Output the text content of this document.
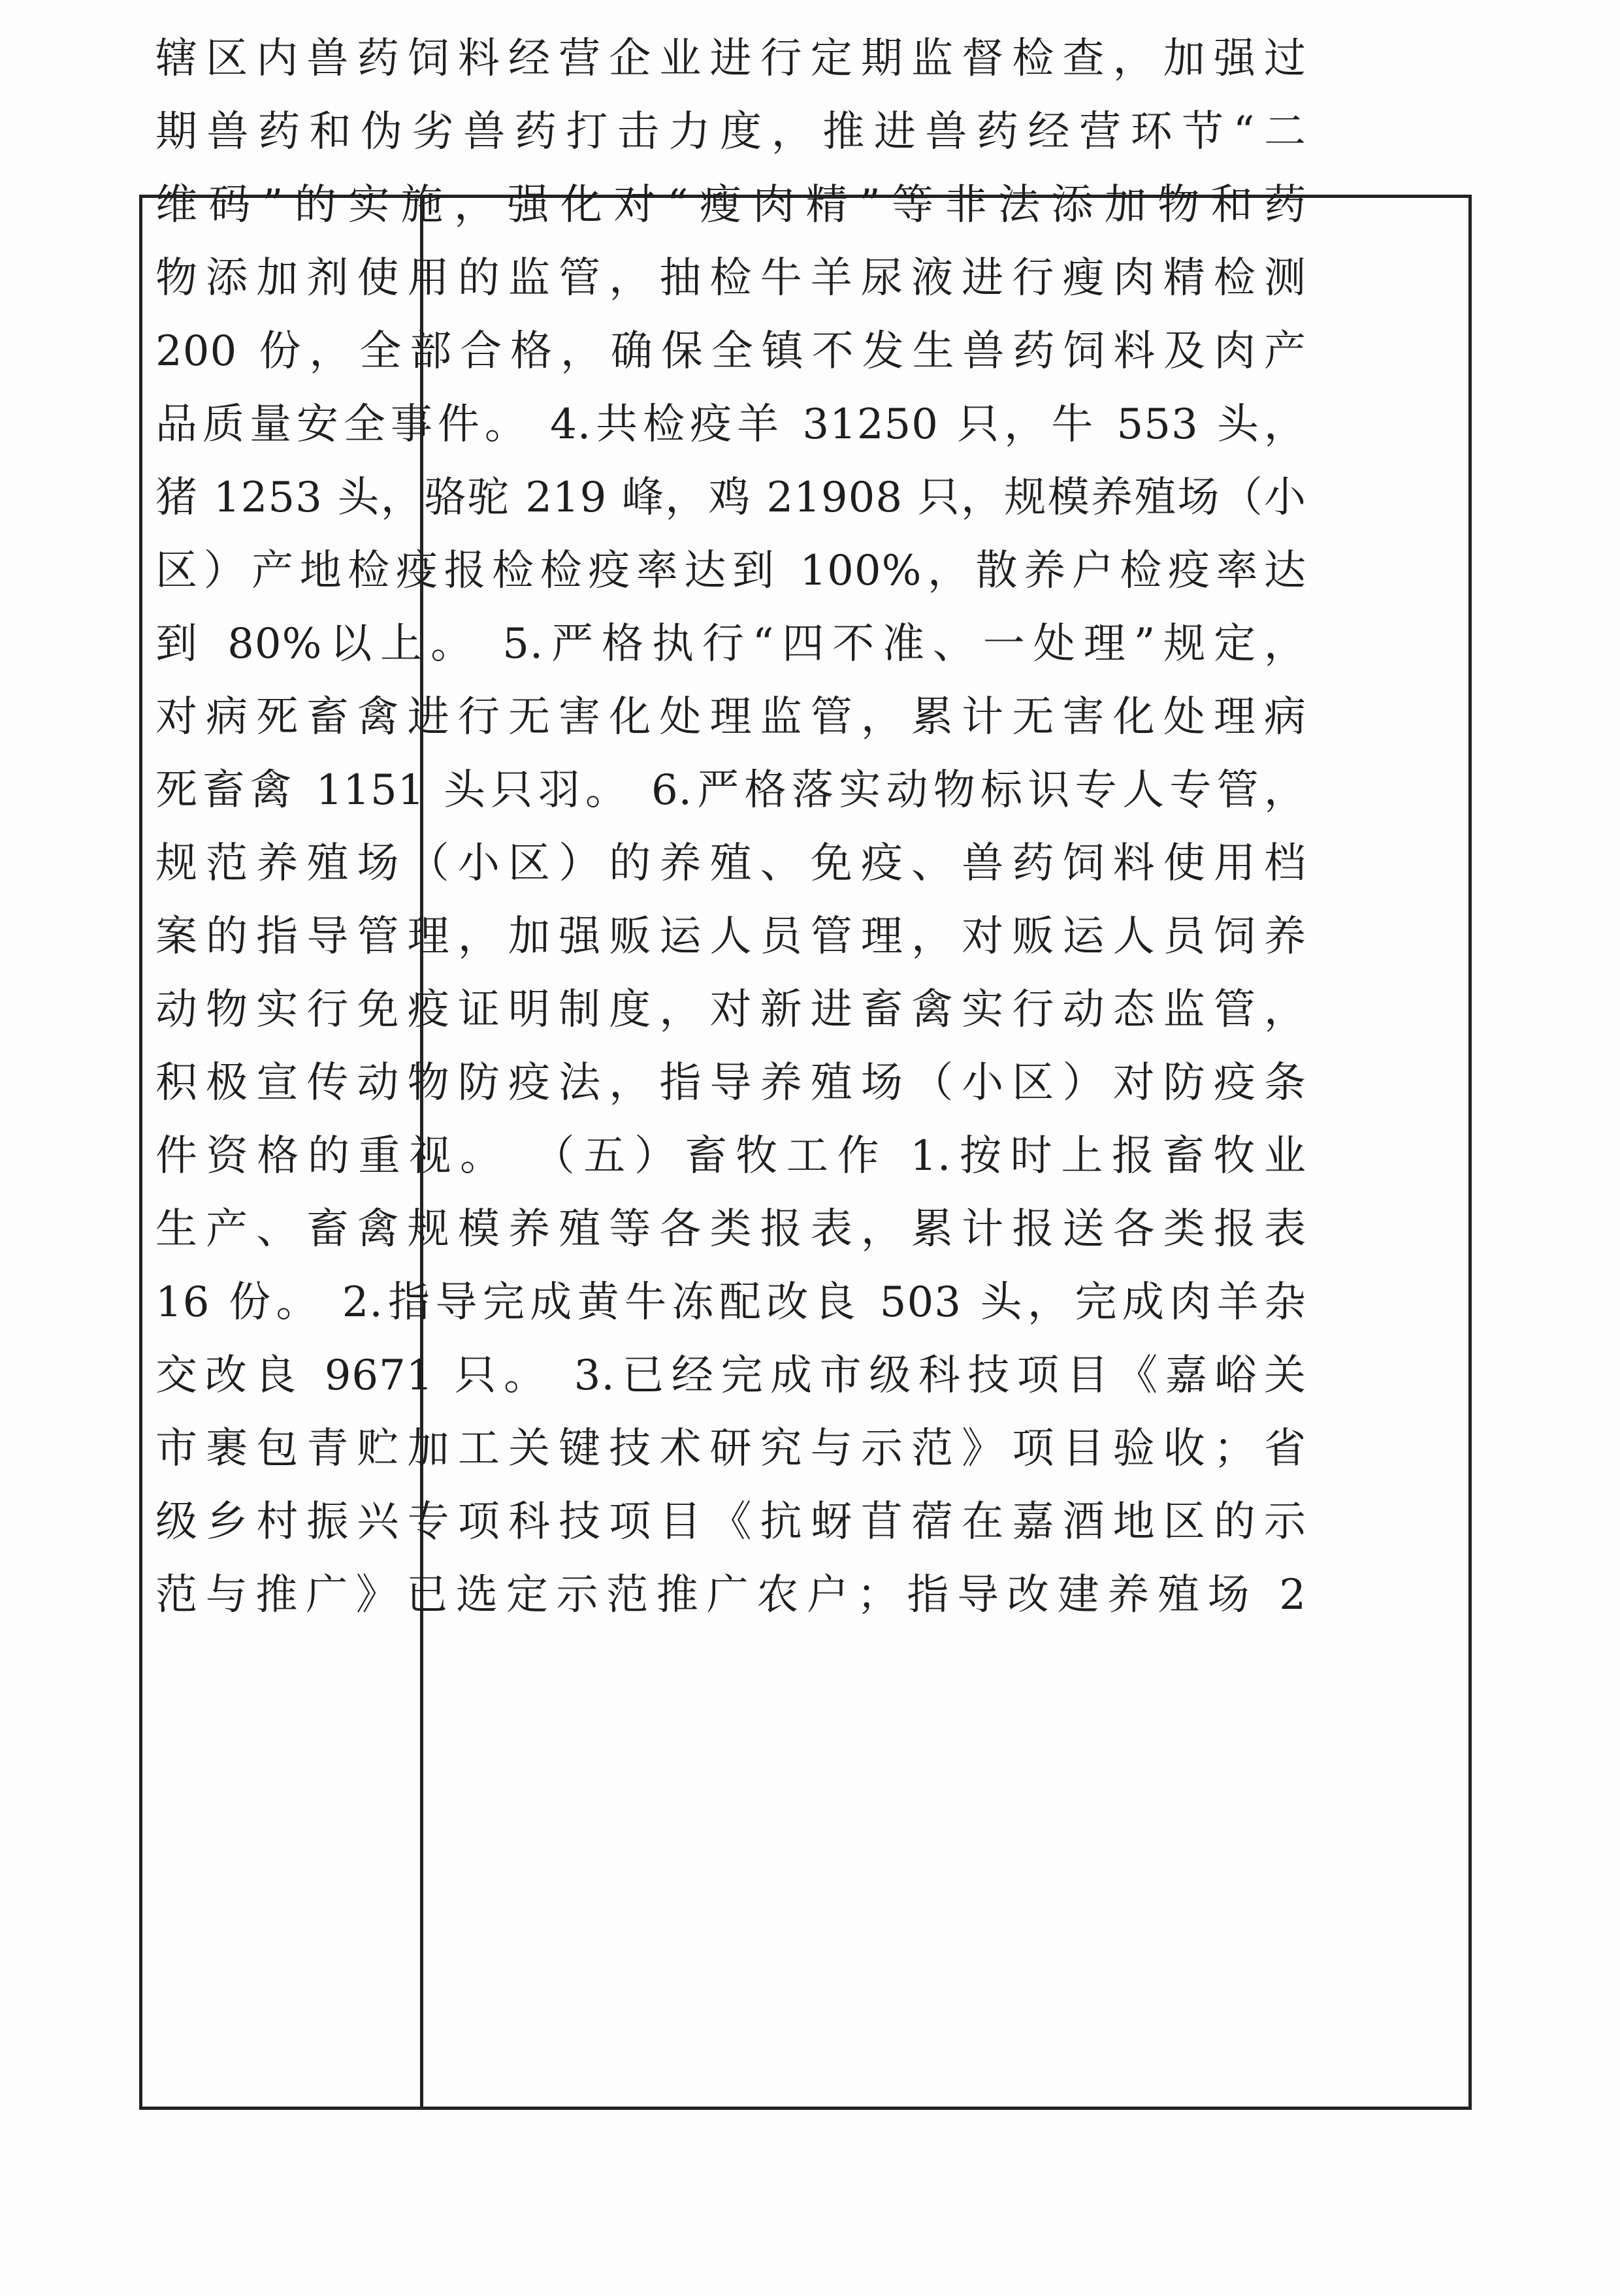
辖区内兽药饲料经营企业进行定期监督检查，加强过
期兽药和伪劣兽药打击力度，推进兽药经营环节“二
维码”的实施，强化对“瘦肉精”等非法添加物和药
物添加剂使用的监管，抽检牛羊尿液进行瘦肉精检测
200 份，全部合格，确保全镇不发生兽药饲料及肉产
品质量安全事件。 4.共检疫羊 31250 只，牛 553 头，
猪 1253 头，骆驼 219 峰，鸡 21908 只，规模养殖场（小
区）产地检疫报检检疫率达到 100%，散养户检疫率达
到 80%以上。 5.严格执行“四不准、一处理”规定，
对病死畜禽进行无害化处理监管，累计无害化处理病
死畜禽 1151 头只羽。 6.严格落实动物标识专人专管，
规范养殖场（小区）的养殖、免疫、兽药饲料使用档
案的指导管理，加强贩运人员管理，对贩运人员饲养
动物实行免疫证明制度，对新进畜禽实行动态监管，
积极宣传动物防疫法，指导养殖场（小区）对防疫条
件资格的重视。 （五）畜牧工作 1.按时上报畜牧业
生产、畜禽规模养殖等各类报表，累计报送各类报表
16 份。 2.指导完成黄牛冻配改良 503 头，完成肉羊杂
交改良 9671 只。 3.已经完成市级科技项目《嘉峪关
市裹包青贮加工关键技术研究与示范》项目验收；省
级乡村振兴专项科技项目《抗蚜苜蓿在嘉酒地区的示
范与推广》已选定示范推广农户；指导改建养殖场 2
